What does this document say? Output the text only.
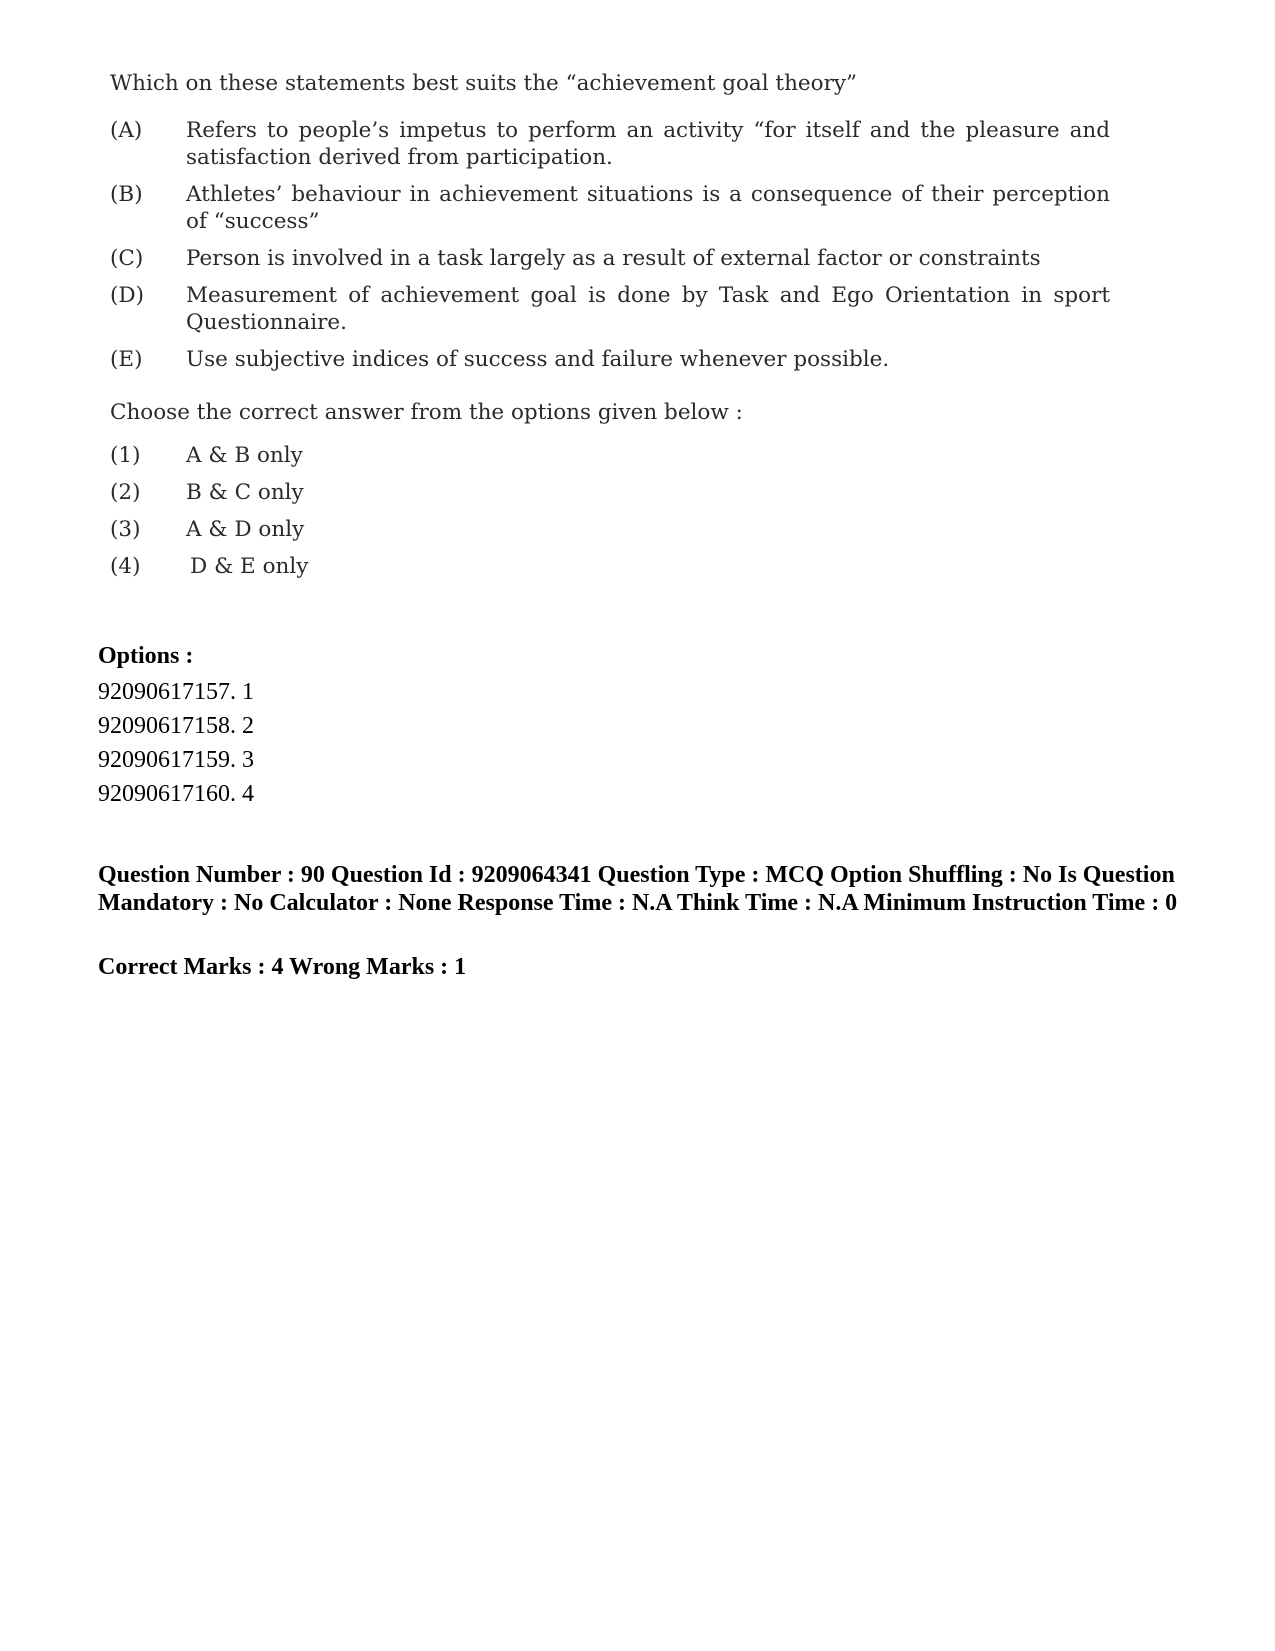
Which on these statements best suits the “achievement goal theory”

(A)	Refers to people’s impetus to perform an activity “for itself and the pleasure and satisfaction derived from participation.
(B)	Athletes’ behaviour in achievement situations is a consequence of their perception of “success”
(C)	Person is involved in a task largely as a result of external factor or constraints
(D)	Measurement of achievement goal is done by Task and Ego Orientation in sport Questionnaire.
(E)	Use subjective indices of success and failure whenever possible.

Choose the correct answer from the options given below :

(1)	A & B only
(2)	B & C only
(3)	A & D only
(4)	D & E only

Options :

92090617157. 1
92090617158. 2
92090617159. 3
92090617160. 4

Question Number : 90 Question Id : 9209064341 Question Type : MCQ Option Shuffling : No Is Question Mandatory : No Calculator : None Response Time : N.A Think Time : N.A Minimum Instruction Time : 0

Correct Marks : 4 Wrong Marks : 1
